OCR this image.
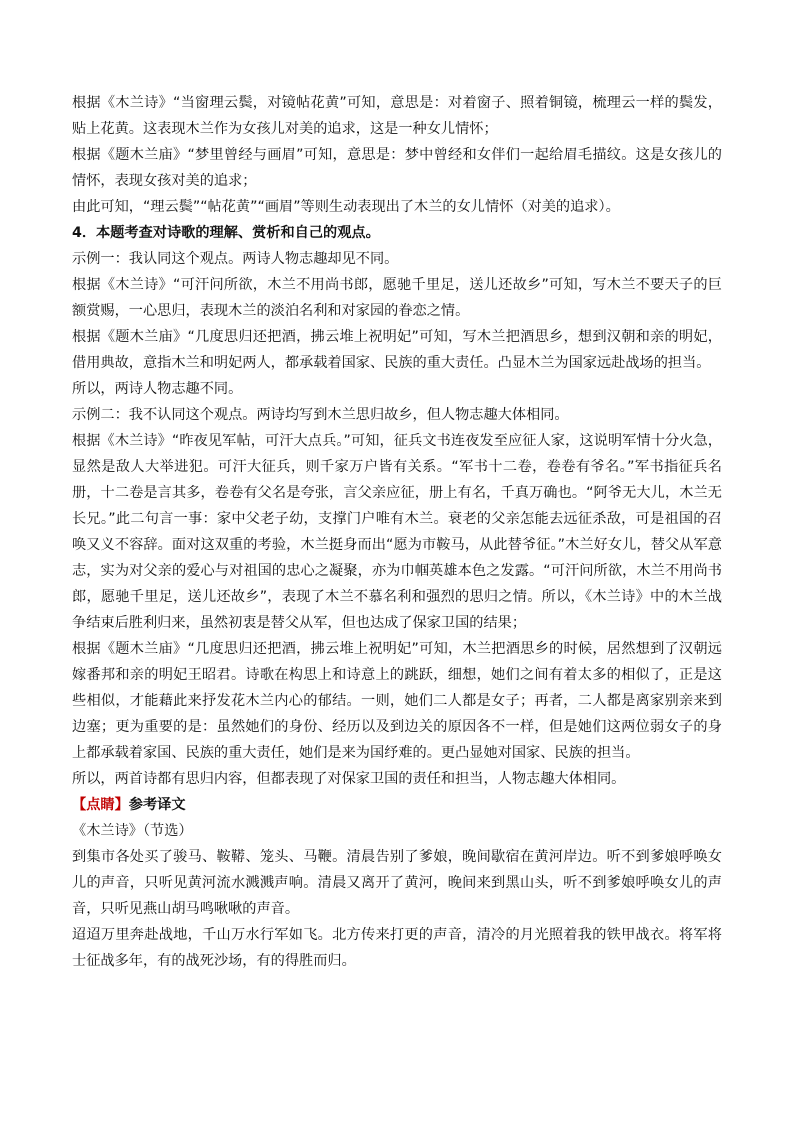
根据《木兰诗》“当窗理云鬓，对镜帖花黄”可知，意思是：对着窗子、照着铜镜，梳理云一样的鬓发，贴上花黄。这表现木兰作为女孩儿对美的追求，这是一种女儿情怀；

根据《题木兰庙》“梦里曾经与画眉”可知，意思是：梦中曾经和女伴们一起给眉毛描纹。这是女孩儿的情怀，表现女孩对美的追求；

由此可知，“理云鬓”“帖花黄”“画眉”等则生动表现出了木兰的女儿情怀（对美的追求）。

4．本题考查对诗歌的理解、赏析和自己的观点。

示例一：我认同这个观点。两诗人物志趣却见不同。

根据《木兰诗》“可汗问所欲，木兰不用尚书郎，愿驰千里足，送儿还故乡”可知，写木兰不要天子的巨额赏赐，一心思归，表现木兰的淡泊名利和对家园的眷恋之情。

根据《题木兰庙》“几度思归还把酒，拂云堆上祝明妃”可知，写木兰把酒思乡，想到汉朝和亲的明妃，借用典故，意指木兰和明妃两人，都承载着国家、民族的重大责任。凸显木兰为国家远赴战场的担当。

所以，两诗人物志趣不同。

示例二：我不认同这个观点。两诗均写到木兰思归故乡，但人物志趣大体相同。

根据《木兰诗》“昨夜见军帖，可汗大点兵。”可知，征兵文书连夜发至应征人家，这说明军情十分火急，显然是敌人大举进犯。可汗大征兵，则千家万户皆有关系。“军书十二卷，卷卷有爷名。”军书指征兵名册，十二卷是言其多，卷卷有父名是夸张，言父亲应征，册上有名，千真万确也。“阿爷无大儿，木兰无长兄。”此二句言一事：家中父老子幼，支撑门户唯有木兰。衰老的父亲怎能去远征杀敌，可是祖国的召唤又义不容辞。面对这双重的考验，木兰挺身而出“愿为市鞍马，从此替爷征。”木兰好女儿，替父从军意志，实为对父亲的爱心与对祖国的忠心之凝聚，亦为巾帼英雄本色之发露。“可汗问所欲，木兰不用尚书郎，愿驰千里足，送儿还故乡”，表现了木兰不慕名利和强烈的思归之情。所以，《木兰诗》中的木兰战争结束后胜利归来，虽然初衷是替父从军，但也达成了保家卫国的结果；

根据《题木兰庙》“几度思归还把酒，拂云堆上祝明妃”可知，木兰把酒思乡的时候，居然想到了汉朝远嫁番邦和亲的明妃王昭君。诗歌在构思上和诗意上的跳跃，细想，她们之间有着太多的相似了，正是这些相似，才能藉此来抒发花木兰内心的郁结。一则，她们二人都是女子；再者，二人都是离家别亲来到边塞；更为重要的是：虽然她们的身份、经历以及到边关的原因各不一样，但是她们这两位弱女子的身上都承载着家国、民族的重大责任，她们是来为国纾难的。更凸显她对国家、民族的担当。

所以，两首诗都有思归内容，但都表现了对保家卫国的责任和担当，人物志趣大体相同。

【点睛】参考译文

《木兰诗》（节选）

到集市各处买了骏马、鞍鞯、笼头、马鞭。清晨告别了爹娘，晚间歇宿在黄河岸边。听不到爹娘呼唤女儿的声音，只听见黄河流水溅溅声响。清晨又离开了黄河，晚间来到黑山头，听不到爹娘呼唤女儿的声音，只听见燕山胡马鸣啾啾的声音。

迢迢万里奔赴战地，千山万水行军如飞。北方传来打更的声音，清冷的月光照着我的铁甲战衣。将军将士征战多年，有的战死沙场，有的得胜而归。
